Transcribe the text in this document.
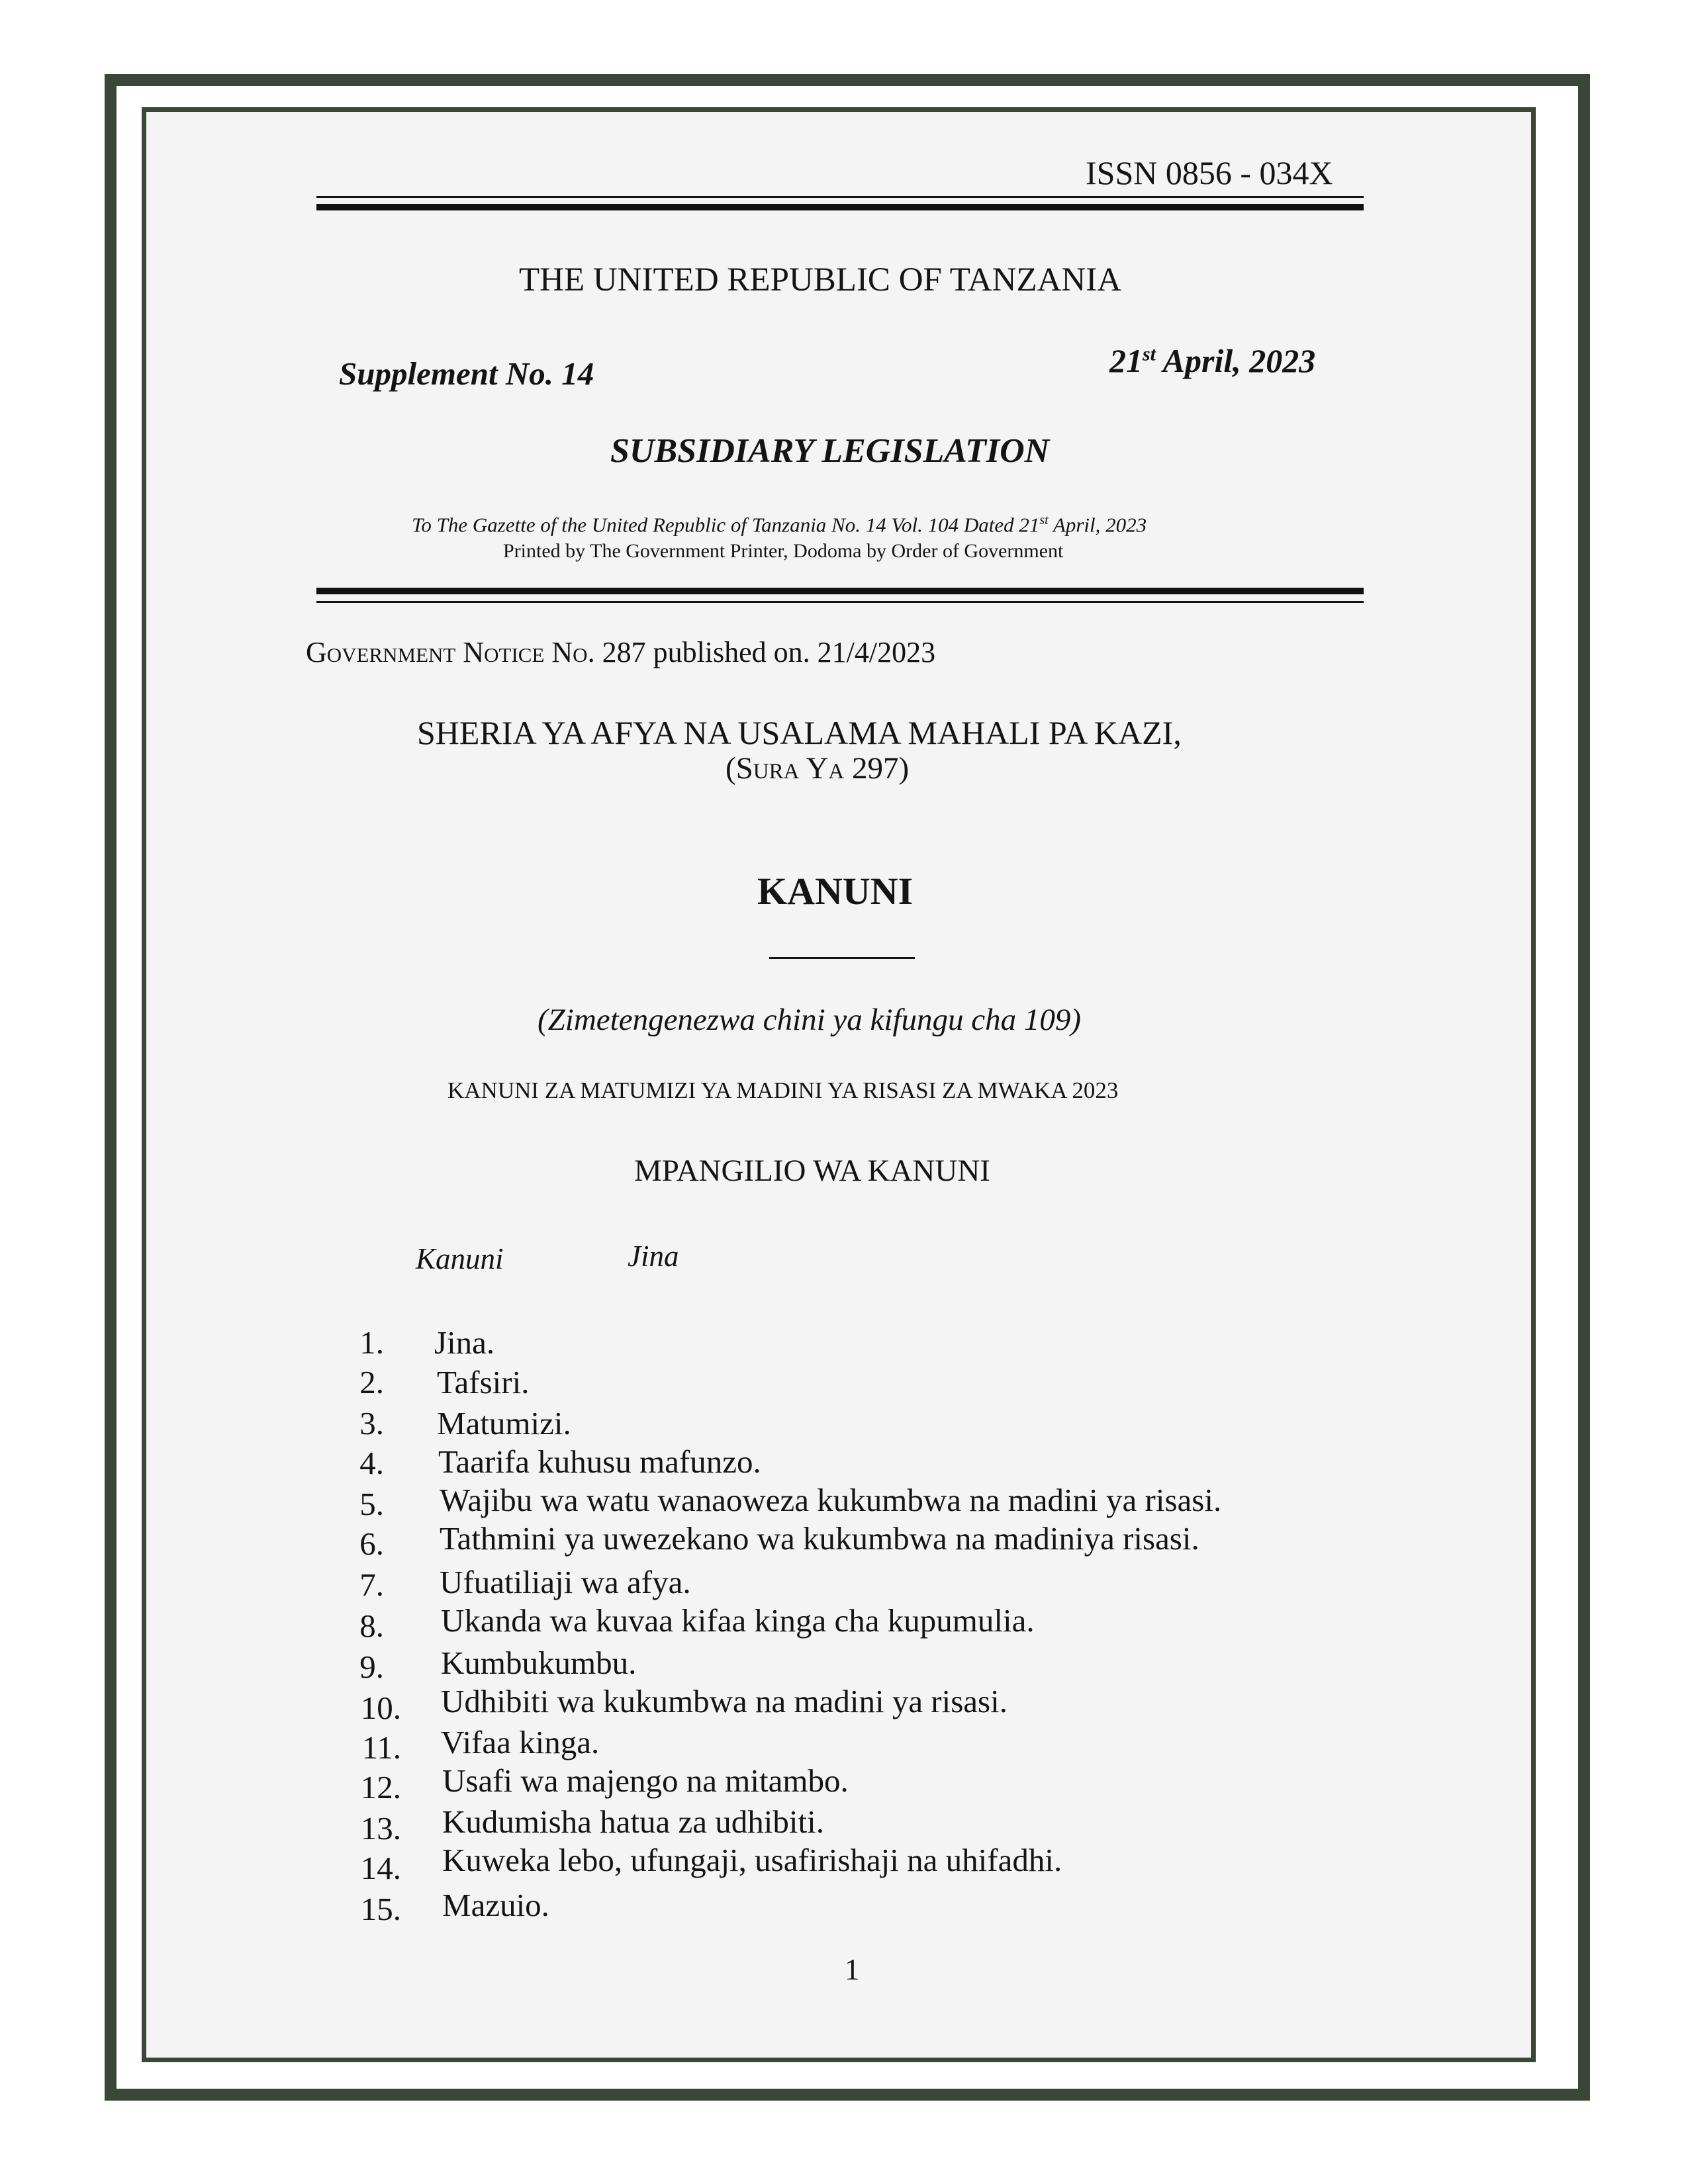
ISSN 0856 - 034X
THE UNITED REPUBLIC OF TANZANIA
Supplement No. 14	21st April, 2023
SUBSIDIARY LEGISLATION
To The Gazette of the United Republic of Tanzania No. 14 Vol. 104 Dated 21st April, 2023
Printed by The Government Printer, Dodoma by Order of Government
Government Notice No. 287 published on. 21/4/2023
SHERIA YA AFYA NA USALAMA MAHALI PA KAZI,
(Sura Ya 297)
KANUNI
(Zimetengenezwa chini ya kifungu cha 109)
KANUNI ZA MATUMIZI YA MADINI YA RISASI ZA MWAKA 2023
MPANGILIO WA KANUNI
Kanuni	Jina
1. Jina.
2. Tafsiri.
3. Matumizi.
4. Taarifa kuhusu mafunzo.
5. Wajibu wa watu wanaoweza kukumbwa na madini ya risasi.
6. Tathmini ya uwezekano wa kukumbwa na madiniya risasi.
7. Ufuatiliaji wa afya.
8. Ukanda wa kuvaa kifaa kinga cha kupumulia.
9. Kumbukumbu.
10. Udhibiti wa kukumbwa na madini ya risasi.
11. Vifaa kinga.
12. Usafi wa majengo na mitambo.
13. Kudumisha hatua za udhibiti.
14. Kuweka lebo, ufungaji, usafirishaji na uhifadhi.
15. Mazuio.
1
